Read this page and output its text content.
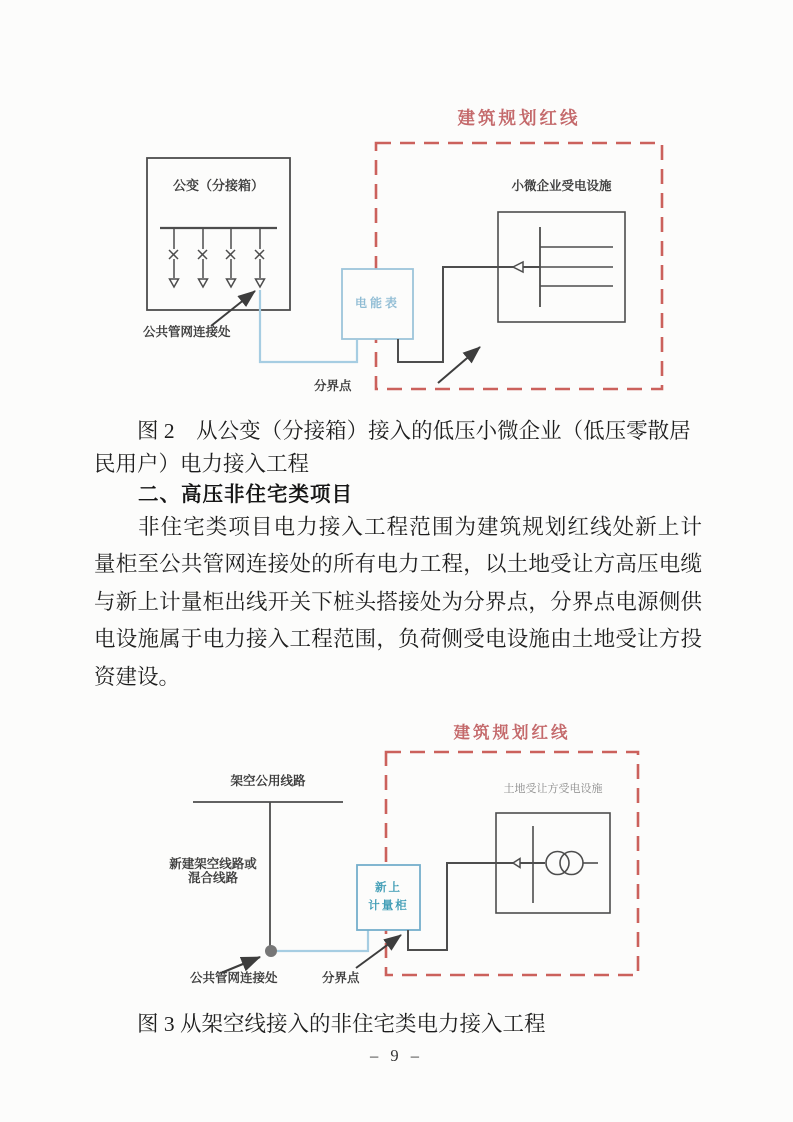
建筑规划红线
公变（分接箱）	小微企业受电设施
电能表
公共管网连接处
分界点
图 2　从公变（分接箱）接入的低压小微企业（低压零散居
民用户）电力接入工程
二、高压非住宅类项目
非住宅类项目电力接入工程范围为建筑规划红线处新上计
量柜至公共管网连接处的所有电力工程，以土地受让方高压电缆
与新上计量柜出线开关下桩头搭接处为分界点，分界点电源侧供
电设施属于电力接入工程范围，负荷侧受电设施由土地受让方投
资建设。
建筑规划红线
架空公用线路
新建架空线路或
混合线路
新上
计量柜
土地受让方受电设施
公共管网连接处	分界点
图 3 从架空线接入的非住宅类电力接入工程
– 9 –
